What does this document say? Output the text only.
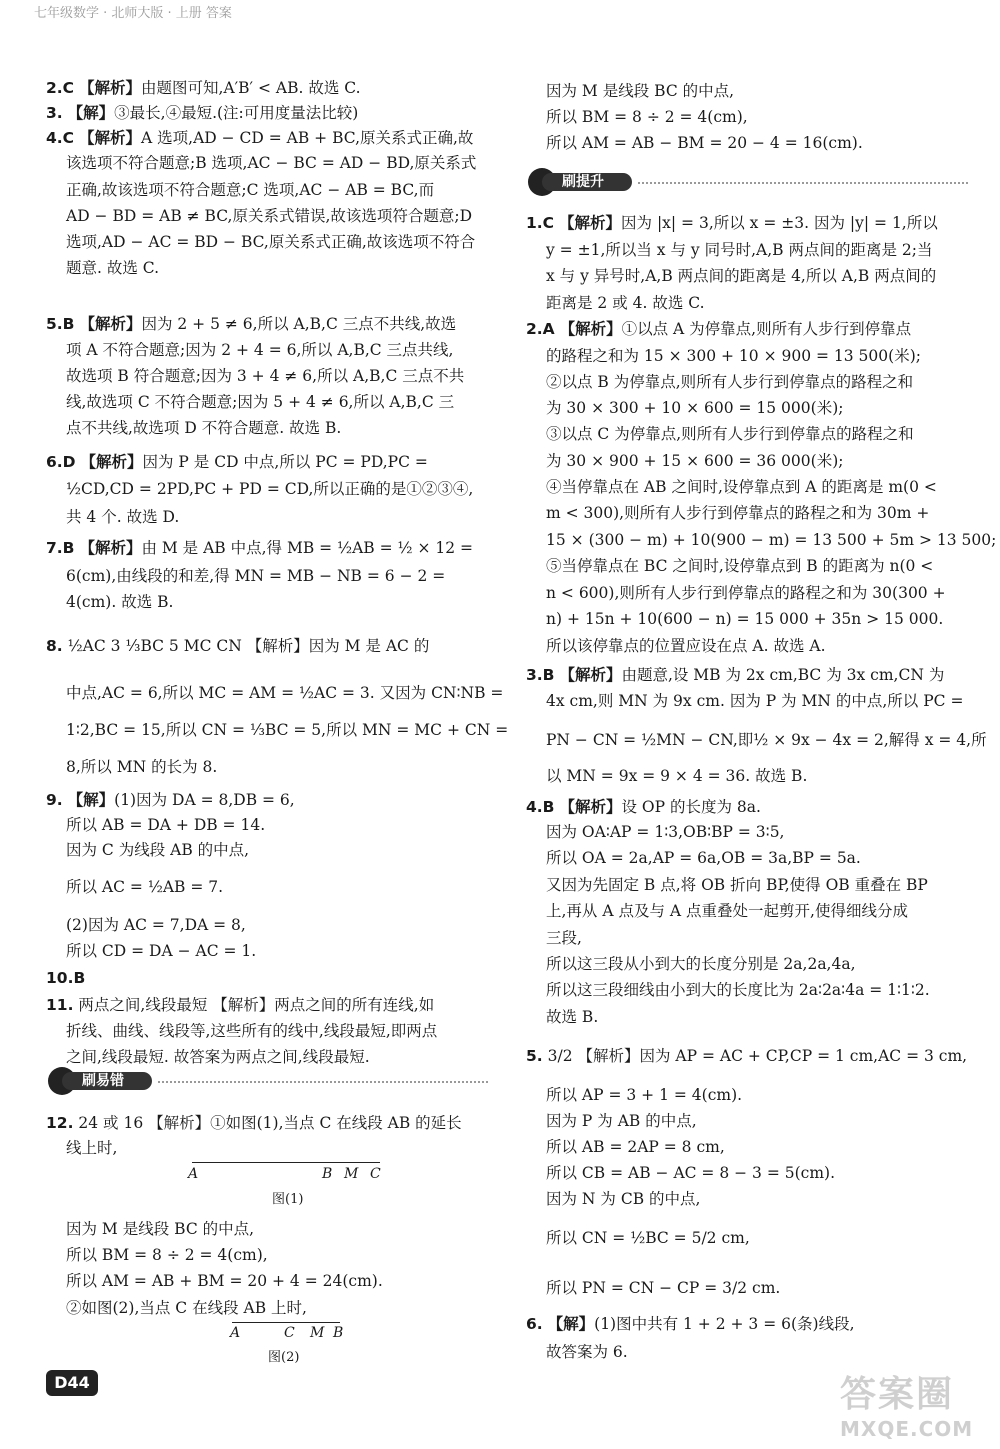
七年级数学 · 北师大版 · 上册 答案
2.C 【解析】由题图可知,A′B′ < AB. 故选 C.
3. 【解】③最长,④最短.(注:可用度量法比较)
4.C 【解析】A 选项,AD − CD = AB + BC,原关系式正确,故
该选项不符合题意;B 选项,AC − BC = AD − BD,原关系式
正确,故该选项不符合题意;C 选项,AC − AB = BC,而
AD − BD = AB ≠ BC,原关系式错误,故该选项符合题意;D
选项,AD − AC = BD − BC,原关系式正确,故该选项不符合
题意. 故选 C.
5.B 【解析】因为 2 + 5 ≠ 6,所以 A,B,C 三点不共线,故选
项 A 不符合题意;因为 2 + 4 = 6,所以 A,B,C 三点共线,
故选项 B 符合题意;因为 3 + 4 ≠ 6,所以 A,B,C 三点不共
线,故选项 C 不符合题意;因为 5 + 4 ≠ 6,所以 A,B,C 三
点不共线,故选项 D 不符合题意. 故选 B.
6.D 【解析】因为 P 是 CD 中点,所以 PC = PD,PC =
½CD,CD = 2PD,PC + PD = CD,所以正确的是①②③④,
共 4 个. 故选 D.
7.B 【解析】由 M 是 AB 中点,得 MB = ½AB = ½ × 12 =
6(cm),由线段的和差,得 MN = MB − NB = 6 − 2 =
4(cm). 故选 B.
8. ½AC 3 ⅓BC 5 MC CN 【解析】因为 M 是 AC 的
中点,AC = 6,所以 MC = AM = ½AC = 3. 又因为 CN∶NB =
1∶2,BC = 15,所以 CN = ⅓BC = 5,所以 MN = MC + CN =
8,所以 MN 的长为 8.
9. 【解】(1)因为 DA = 8,DB = 6,
所以 AB = DA + DB = 14.
因为 C 为线段 AB 的中点,
所以 AC = ½AB = 7.
(2)因为 AC = 7,DA = 8,
所以 CD = DA − AC = 1.
10.B
11. 两点之间,线段最短 【解析】两点之间的所有连线,如
折线、曲线、线段等,这些所有的线中,线段最短,即两点
之间,线段最短. 故答案为两点之间,线段最短.
12. 24 或 16 【解析】①如图(1),当点 C 在线段 AB 的延长
线上时,
因为 M 是线段 BC 的中点,
所以 BM = 8 ÷ 2 = 4(cm),
所以 AM = AB + BM = 20 + 4 = 24(cm).
②如图(2),当点 C 在线段 AB 上时,
因为 M 是线段 BC 的中点,
所以 BM = 8 ÷ 2 = 4(cm),
所以 AM = AB − BM = 20 − 4 = 16(cm).
1.C 【解析】因为 |x| = 3,所以 x = ±3. 因为 |y| = 1,所以
y = ±1,所以当 x 与 y 同号时,A,B 两点间的距离是 2;当
x 与 y 异号时,A,B 两点间的距离是 4,所以 A,B 两点间的
距离是 2 或 4. 故选 C.
2.A 【解析】①以点 A 为停靠点,则所有人步行到停靠点
的路程之和为 15 × 300 + 10 × 900 = 13 500(米);
②以点 B 为停靠点,则所有人步行到停靠点的路程之和
为 30 × 300 + 10 × 600 = 15 000(米);
③以点 C 为停靠点,则所有人步行到停靠点的路程之和
为 30 × 900 + 15 × 600 = 36 000(米);
④当停靠点在 AB 之间时,设停靠点到 A 的距离是 m(0 <
m < 300),则所有人步行到停靠点的路程之和为 30m +
15 × (300 − m) + 10(900 − m) = 13 500 + 5m > 13 500;
⑤当停靠点在 BC 之间时,设停靠点到 B 的距离为 n(0 <
n < 600),则所有人步行到停靠点的路程之和为 30(300 +
n) + 15n + 10(600 − n) = 15 000 + 35n > 15 000.
所以该停靠点的位置应设在点 A. 故选 A.
3.B 【解析】由题意,设 MB 为 2x cm,BC 为 3x cm,CN 为
4x cm,则 MN 为 9x cm. 因为 P 为 MN 的中点,所以 PC =
PN − CN = ½MN − CN,即½ × 9x − 4x = 2,解得 x = 4,所
以 MN = 9x = 9 × 4 = 36. 故选 B.
4.B 【解析】设 OP 的长度为 8a.
因为 OA∶AP = 1∶3,OB∶BP = 3∶5,
所以 OA = 2a,AP = 6a,OB = 3a,BP = 5a.
又因为先固定 B 点,将 OB 折向 BP,使得 OB 重叠在 BP
上,再从 A 点及与 A 点重叠处一起剪开,使得细线分成
三段,
所以这三段从小到大的长度分别是 2a,2a,4a,
所以这三段细线由小到大的长度比为 2a∶2a∶4a = 1∶1∶2.
故选 B.
5. 3/2 【解析】因为 AP = AC + CP,CP = 1 cm,AC = 3 cm,
所以 AP = 3 + 1 = 4(cm).
因为 P 为 AB 的中点,
所以 AB = 2AP = 8 cm,
所以 CB = AB − AC = 8 − 3 = 5(cm).
因为 N 为 CB 的中点,
所以 CN = ½BC = 5/2 cm,
所以 PN = CN − CP = 3/2 cm.
6. 【解】(1)图中共有 1 + 2 + 3 = 6(条)线段,
故答案为 6.
刷易错
刷提升
A	B M C
图(1)
A	C M B
图(2)
D44	答案圈
MXQE.COM
